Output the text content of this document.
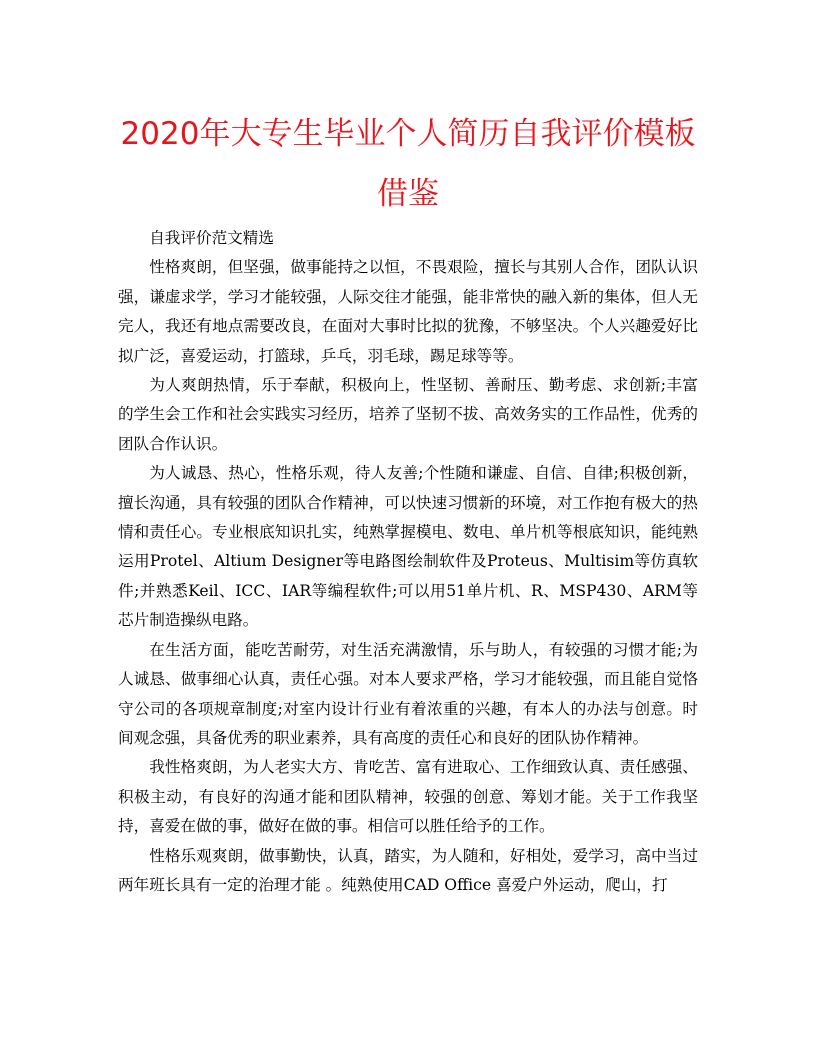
2020年大专生毕业个人简历自我评价模板
借鉴

自我评价范文精选

性格爽朗，但坚强，做事能持之以恒，不畏艰险，擅长与其别人合作，团队认识强，谦虚求学，学习才能较强，人际交往才能强，能非常快的融入新的集体，但人无完人，我还有地点需要改良，在面对大事时比拟的犹豫，不够坚决。个人兴趣爱好比拟广泛，喜爱运动，打篮球，乒乓，羽毛球，踢足球等等。

为人爽朗热情，乐于奉献，积极向上，性坚韧、善耐压、勤考虑、求创新;丰富的学生会工作和社会实践实习经历，培养了坚韧不拔、高效务实的工作品性，优秀的团队合作认识。

为人诚恳、热心，性格乐观，待人友善;个性随和谦虚、自信、自律;积极创新，擅长沟通，具有较强的团队合作精神，可以快速习惯新的环境，对工作抱有极大的热情和责任心。专业根底知识扎实，纯熟掌握模电、数电、单片机等根底知识，能纯熟运用Protel、Altium Designer等电路图绘制软件及Proteus、Multisim等仿真软件;并熟悉Keil、ICC、IAR等编程软件;可以用51单片机、R、MSP430、ARM等芯片制造操纵电路。

在生活方面，能吃苦耐劳，对生活充满激情，乐与助人，有较强的习惯才能;为人诚恳、做事细心认真，责任心强。对本人要求严格，学习才能较强，而且能自觉恪守公司的各项规章制度;对室内设计行业有着浓重的兴趣，有本人的办法与创意。时间观念强，具备优秀的职业素养，具有高度的责任心和良好的团队协作精神。

我性格爽朗，为人老实大方、肯吃苦、富有进取心、工作细致认真、责任感强、积极主动，有良好的沟通才能和团队精神，较强的创意、筹划才能。关于工作我坚持，喜爱在做的事，做好在做的事。相信可以胜任给予的工作。

性格乐观爽朗，做事勤快，认真，踏实，为人随和，好相处，爱学习，高中当过两年班长具有一定的治理才能 。纯熟使用CAD Office 喜爱户外运动，爬山，打
